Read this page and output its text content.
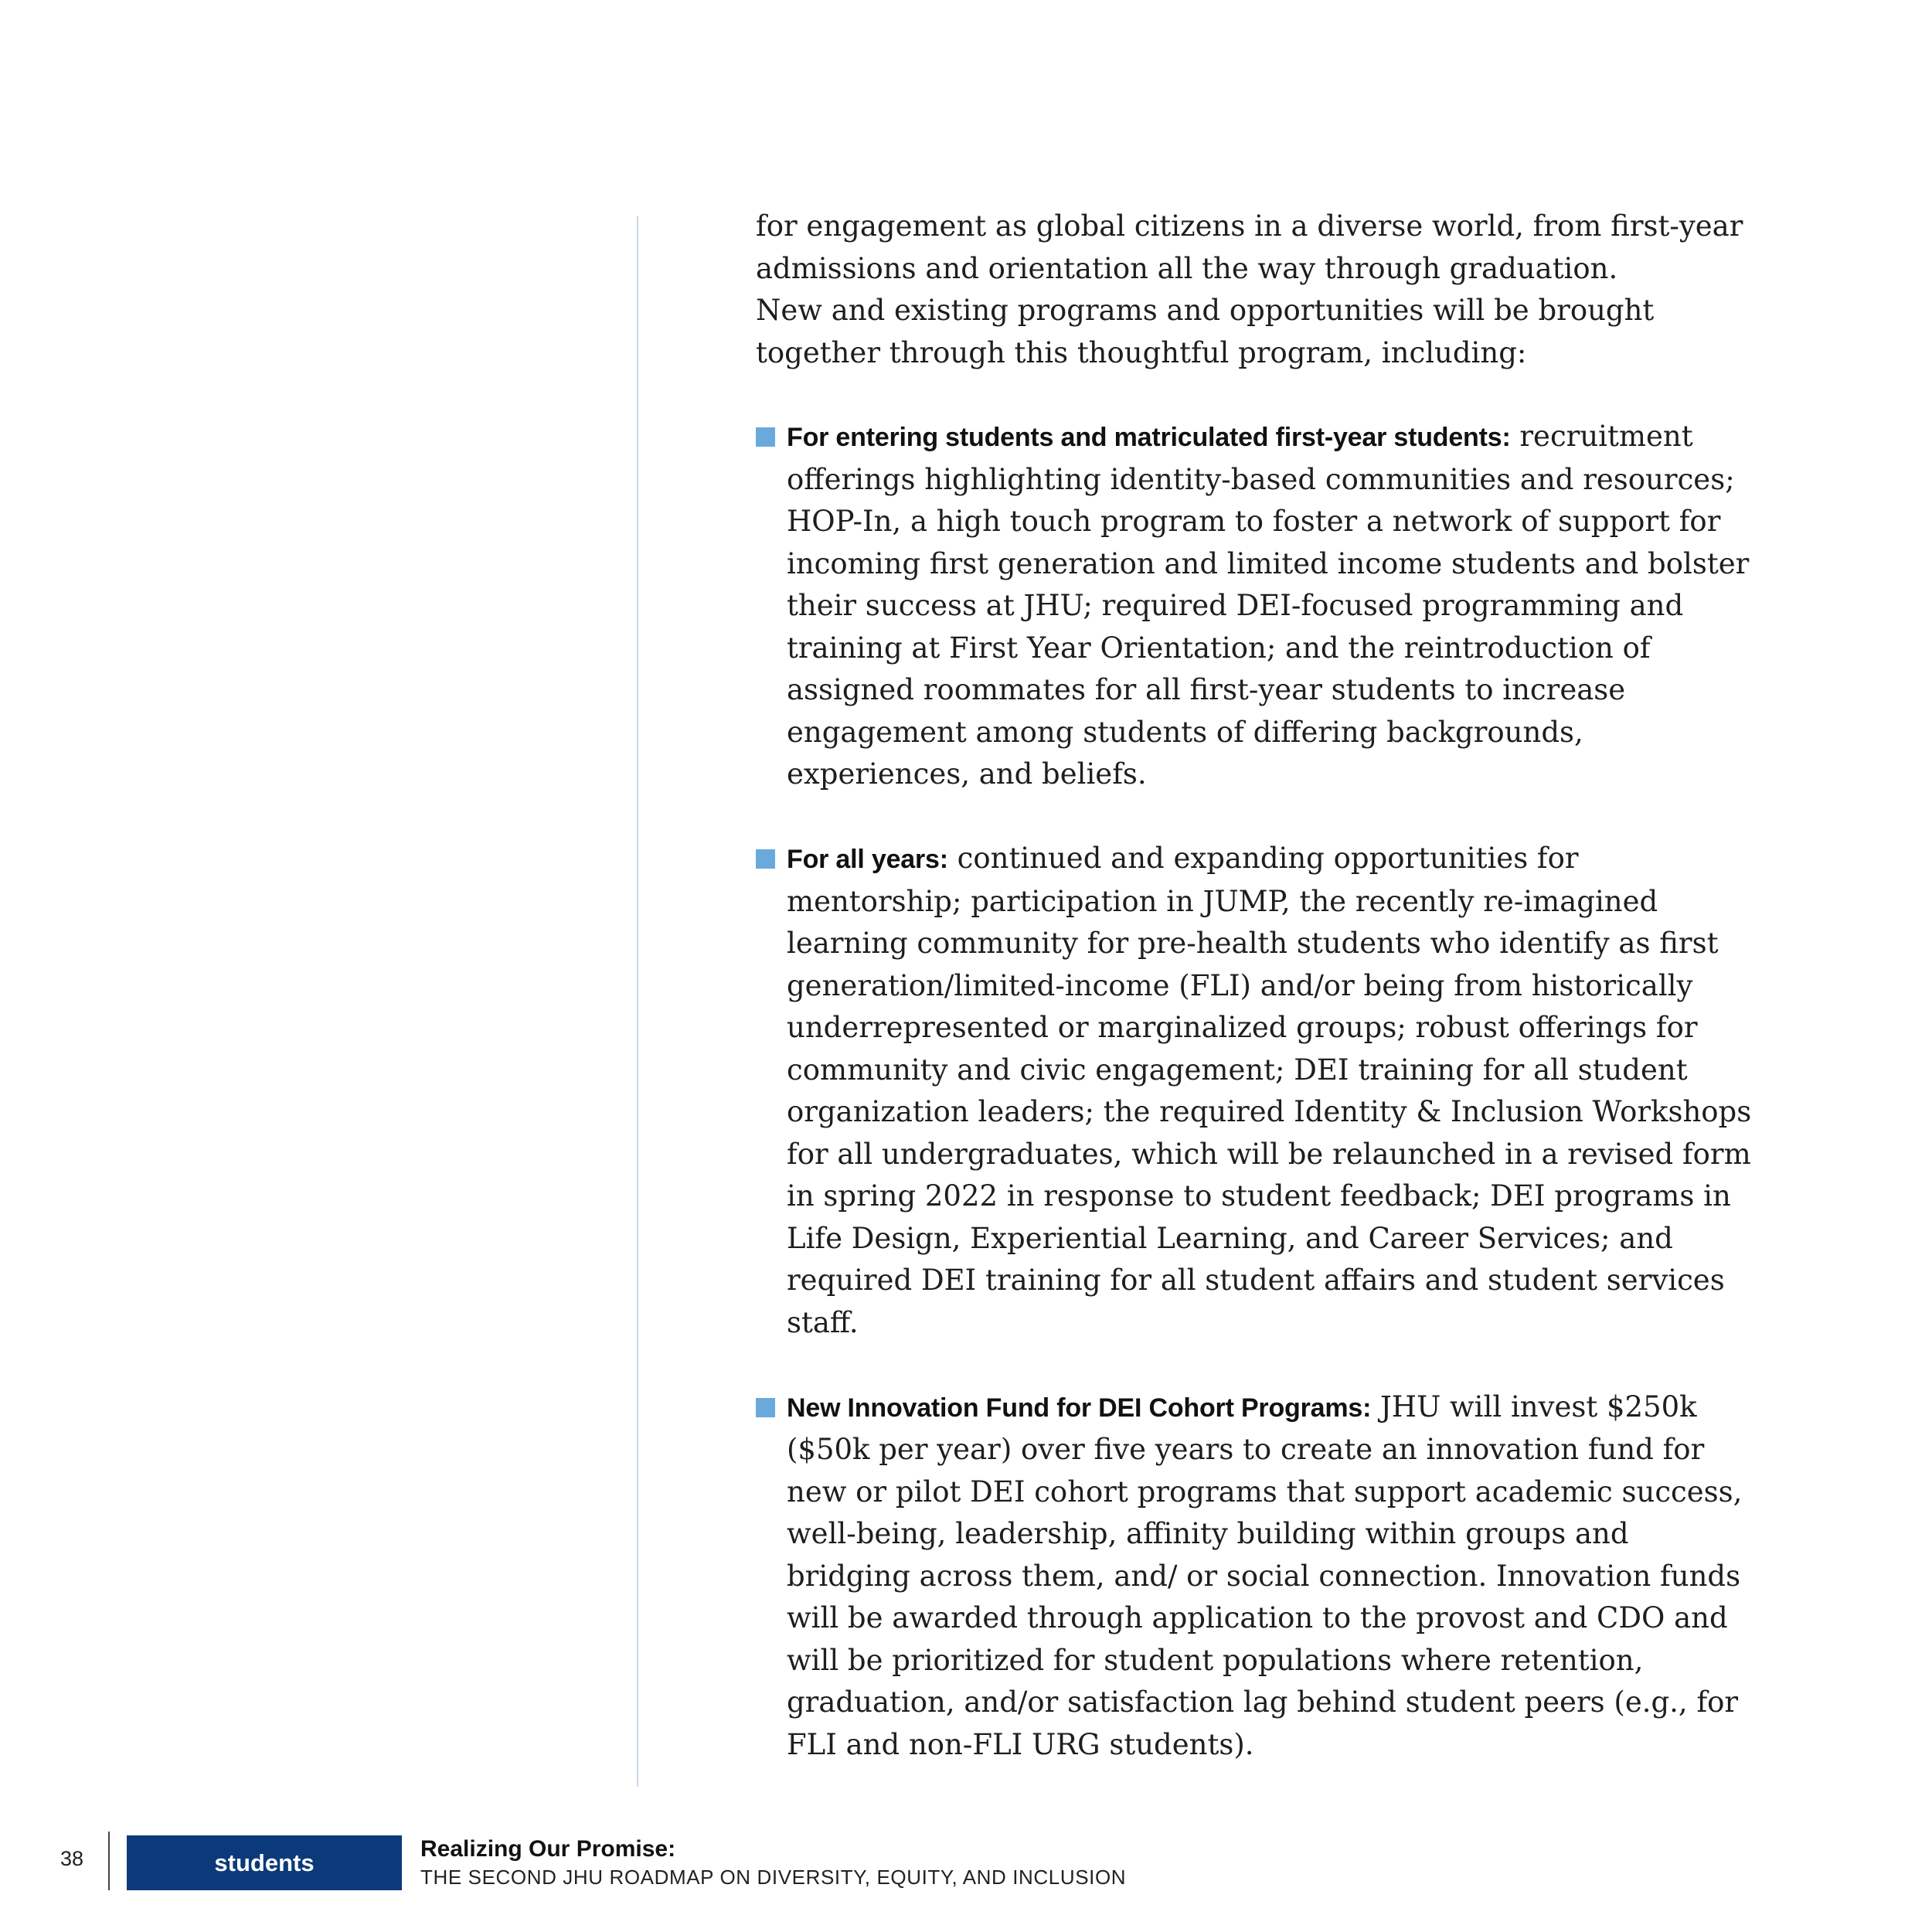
for engagement as global citizens in a diverse world, from first-year admissions and orientation all the way through graduation.
New and existing programs and opportunities will be brought together through this thoughtful program, including:

For entering students and matriculated first-year students: recruitment offerings highlighting identity-based communities and resources; HOP-In, a high touch program to foster a network of support for incoming first generation and limited income students and bolster their success at JHU; required DEI-focused programming and training at First Year Orientation; and the reintroduction of assigned roommates for all first-year students to increase engagement among students of differing backgrounds, experiences, and beliefs.
For all years: continued and expanding opportunities for mentorship; participation in JUMP, the recently re-imagined learning community for pre-health students who identify as first generation/limited-income (FLI) and/or being from historically underrepresented or marginalized groups; robust offerings for community and civic engagement; DEI training for all student organization leaders; the required Identity & Inclusion Workshops for all undergraduates, which will be relaunched in a revised form in spring 2022 in response to student feedback; DEI programs in Life Design, Experiential Learning, and Career Services; and required DEI training for all student affairs and student services staff.
New Innovation Fund for DEI Cohort Programs: JHU will invest $250k ($50k per year) over five years to create an innovation fund for new or pilot DEI cohort programs that support academic success, well-being, leadership, affinity building within groups and bridging across them, and/ or social connection. Innovation funds will be awarded through application to the provost and CDO and will be prioritized for student populations where retention, graduation, and/or satisfaction lag behind student peers (e.g., for FLI and non-FLI URG students).
38	students	Realizing Our Promise:
THE SECOND JHU ROADMAP ON DIVERSITY, EQUITY, AND INCLUSION
